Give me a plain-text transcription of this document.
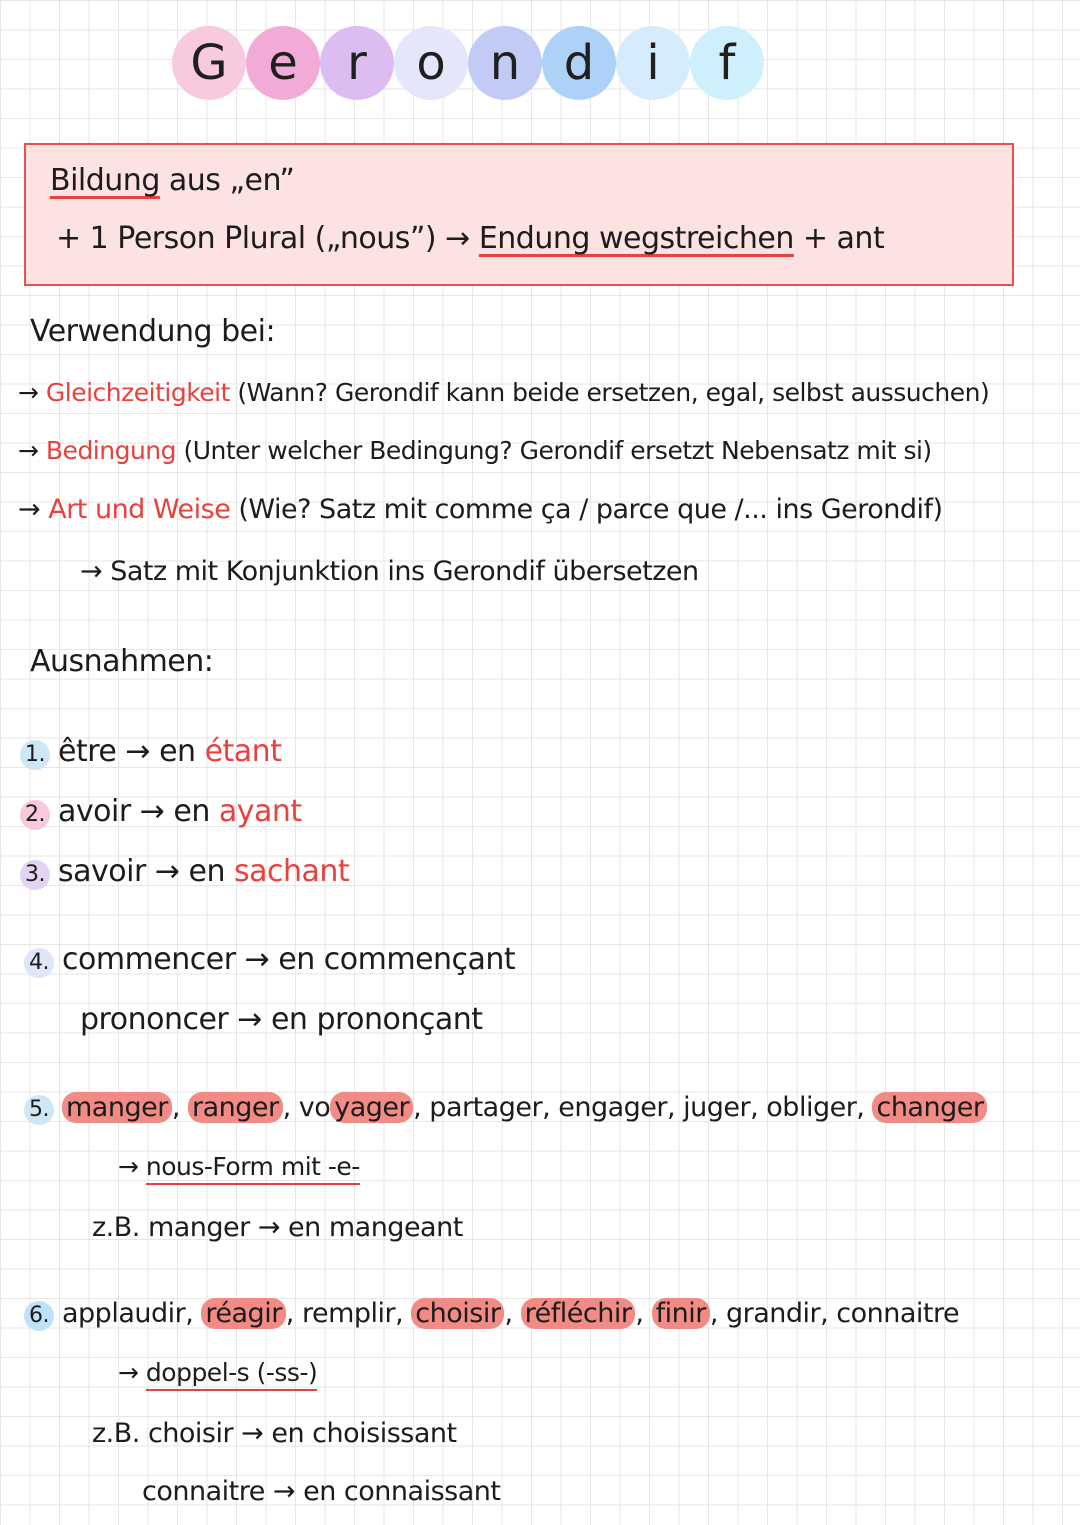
G e	r	o n d	i	f
Bildung aus „en”
+ 1 Person Plural („nous”) → Endung wegstreichen + ant
Verwendung bei:
→ Gleichzeitigkeit (Wann? Gerondif kann beide ersetzen, egal, selbst aussuchen)
→ Bedingung (Unter welcher Bedingung? Gerondif ersetzt Nebensatz mit si)
→ Art und Weise (Wie? Satz mit comme ça / parce que /... ins Gerondif)
→ Satz mit Konjunktion ins Gerondif übersetzen
Ausnahmen:
1. être → en étant
2. avoir → en ayant
3. savoir → en sachant
4. commencer → en commençant
prononcer → en prononçant
5. manger , ranger , vo yager , partager, engager, juger, obliger, changer
→ nous-Form mit -e-
z.B. manger → en mangeant
6. applaudir, réagir , remplir, choisir , réfléchir , finir , grandir, connaitre
→ doppel-s (-ss-)
z.B. choisir → en choisissant
connaitre → en connaissant
